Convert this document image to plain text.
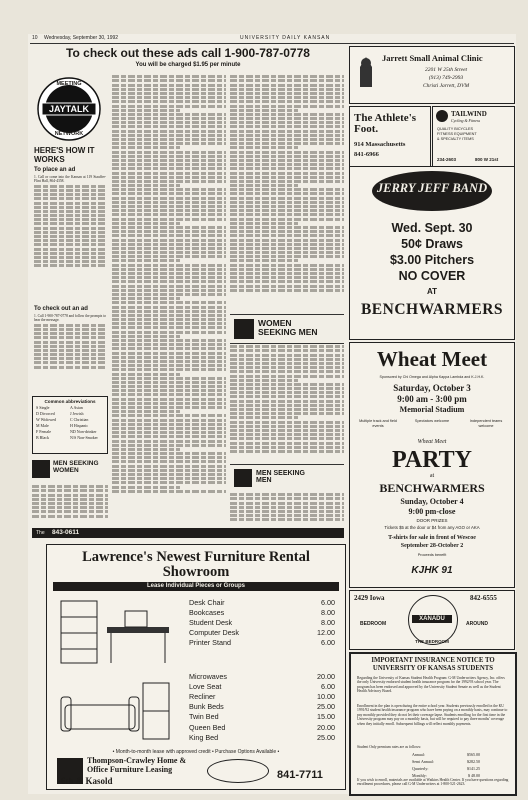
10 Wednesday, September 30, 1992	UNIVERSITY DAILY KANSAN
To check out these ads call 1-900-787-0778
You will be charged $1.95 per minute
MEETING
JAYTALK
NETWORK
HERE'S HOW IT WORKS
To place an ad
1. Call or come into the Kansan at 119 Stauffer-Flint Hall, 864-4358.
To check out an ad
1. Call 1-900-787-0778 and follow the prompts to hear the message.
Common abbreviations
S Single	A Asian
D Divorced	J Jewish
W Widowed	C Christian
M Male	H Hispanic
F Female	ND Non-drinker
B Black	N/S Non-Smoker
MEN SEEKING WOMEN
WOMEN SEEKING MEN
MEN SEEKING MEN
The 843-0611
Lawrence's Newest Furniture Rental Showroom
Lease Individual Pieces or Groups
Desk Chair	6.00
Bookcases	8.00
Student Desk	8.00
Computer Desk	12.00
Printer Stand	6.00
Microwaves	20.00
Love Seat	6.00
Recliner	10.00
Bunk Beds	25.00
Twin Bed	15.00
Queen Bed	20.00
King Bed	25.00
• Month-to-month lease with approved credit • Purchase Options Available •
Thompson-Crawley Home & Office Furniture Leasing
6th & Kasold	841-7711
Jarrett Small Animal Clinic
2201 W 25th Street
(913) 749-2993
Christi Jarrett, DVM
The Athlete's Foot.
914 Massachusetts
841-6966
TAILWIND
Cycling & Fitness
QUALITY BICYCLES
FITNESS EQUIPMENT
& SPECIALTY ITEMS
234-2603	800 W 21st
JERRY JEFF BAND
Wed. Sept. 30
50¢ Draws
$3.00 Pitchers
NO COVER
AT
BENCHWARMERS
Wheat Meet
Sponsored by Chi Omega and Alpha Kappa Lambda and K.J.H.K.
Saturday, October 3
9:00 am - 3:00 pm
Memorial Stadium
Multiple track and field events
Spectators welcome	Independent teams welcome
Wheat Meet
PARTY
at
BENCHWARMERS
Sunday, October 4
9:00 pm-close
DOOR PRIZES
Tickets $5 at the door or $4 from any AGO or AKA
T-shirts for sale in front of Wescoe
September 28-October 2
Proceeds benefit
KJHK 91
2429 Iowa	842-6555
XANADU
BEDROOM	AROUND
THE BEDROOM
IMPORTANT INSURANCE NOTICE TO UNIVERSITY OF KANSAS STUDENTS
Regarding the University of Kansas Student Health Program: G-M Underwriters Agency, Inc. offers the only University endorsed student health insurance program for the 1992/93 school year. The program has been endorsed and approved by the University Student Senate as well as the Student Health Advisory Board.
Enrollment in the plan is open during the entire school year. Students previously enrolled in the KU 1991/92 student health insurance program who have been paying on a monthly basis, may continue to pay monthly provided they do not let their coverage lapse. Students enrolling for the first time in the University program may pay on a monthly basis, but will be required to pay three months' coverage when they initially enroll. Subsequent billings will reflect monthly payments.
Student Only premium rates are as follows:
Annual:	$565.00
Semi Annual:	$282.50
Quarterly:	$141.25
Monthly:	$ 48.00
If you wish to enroll, materials are available at Watkins Health Center. If you have questions regarding enrollment procedures, please call G-M Underwriters at 1-800-521-2623.
